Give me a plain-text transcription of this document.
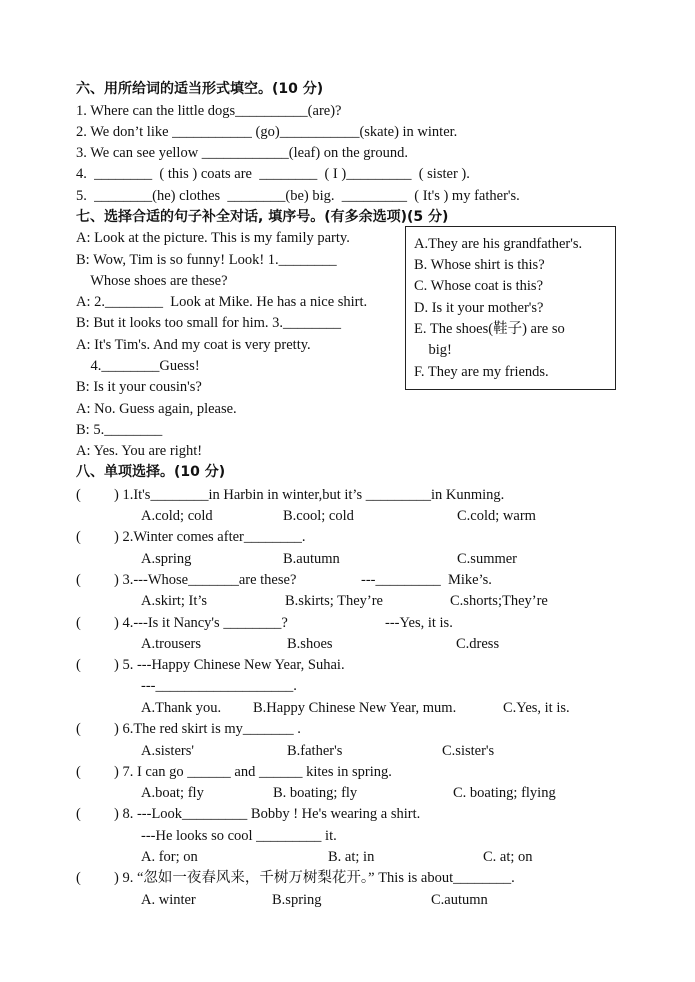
六、用所给词的适当形式填空。(10 分)
1. Where can the little dogs__________(are)?
2. We don’t like ___________ (go)___________(skate) in winter.
3. We can see yellow ____________(leaf) on the ground.
4.  ________  ( this ) coats are  ________  ( I )_________  ( sister ).
5.  ________(he) clothes  ________(be) big.  _________  ( It's ) my father's.
七、选择合适的句子补全对话, 填序号。(有多余选项)(5 分)
A: Look at the picture. This is my family party.
B: Wow, Tim is so funny! Look! 1.________
Whose shoes are these?
A: 2.________  Look at Mike. He has a nice shirt.
B: But it looks too small for him. 3.________
A: It's Tim's. And my coat is very pretty.
4.________Guess!
B: Is it your cousin's?
A: No. Guess again, please.
B: 5.________
A: Yes. You are right!
A.They are his grandfather's.
B. Whose shirt is this?
C. Whose coat is this?
D. Is it your mother's?
E. The shoes(鞋子) are so
big!
F. They are my friends.
八、单项选择。(10 分)
( ) 1.It's________in Harbin in winter,but it’s _________in Kunming.
A.cold; cold	B.cool; cold	C.cold; warm
( ) 2.Winter comes after________.
A.spring	B.autumn	C.summer
( ) 3.---Whose_______are these?	---_________  Mike’s.
A.skirt; It’s	B.skirts; They’re	C.shorts;They’re
( ) 4.---Is it Nancy's ________?	---Yes, it is.
A.trousers	B.shoes	C.dress
( ) 5. ---Happy Chinese New Year, Suhai.
---___________________.
A.Thank you. B.Happy Chinese New Year, mum.	C.Yes, it is.
( ) 6.The red skirt is my_______ .
A.sisters'	B.father's	C.sister's
( ) 7. I can go ______ and ______ kites in spring.
A.boat; fly	B. boating; fly	C. boating; flying
( ) 8. ---Look_________ Bobby ! He's wearing a shirt.
---He looks so cool _________ it.
A. for; on	B. at; in	C. at; on
( ) 9. “忽如一夜春风来，千树万树梨花开。” This is about________.
A. winter	B.spring	C.autumn
